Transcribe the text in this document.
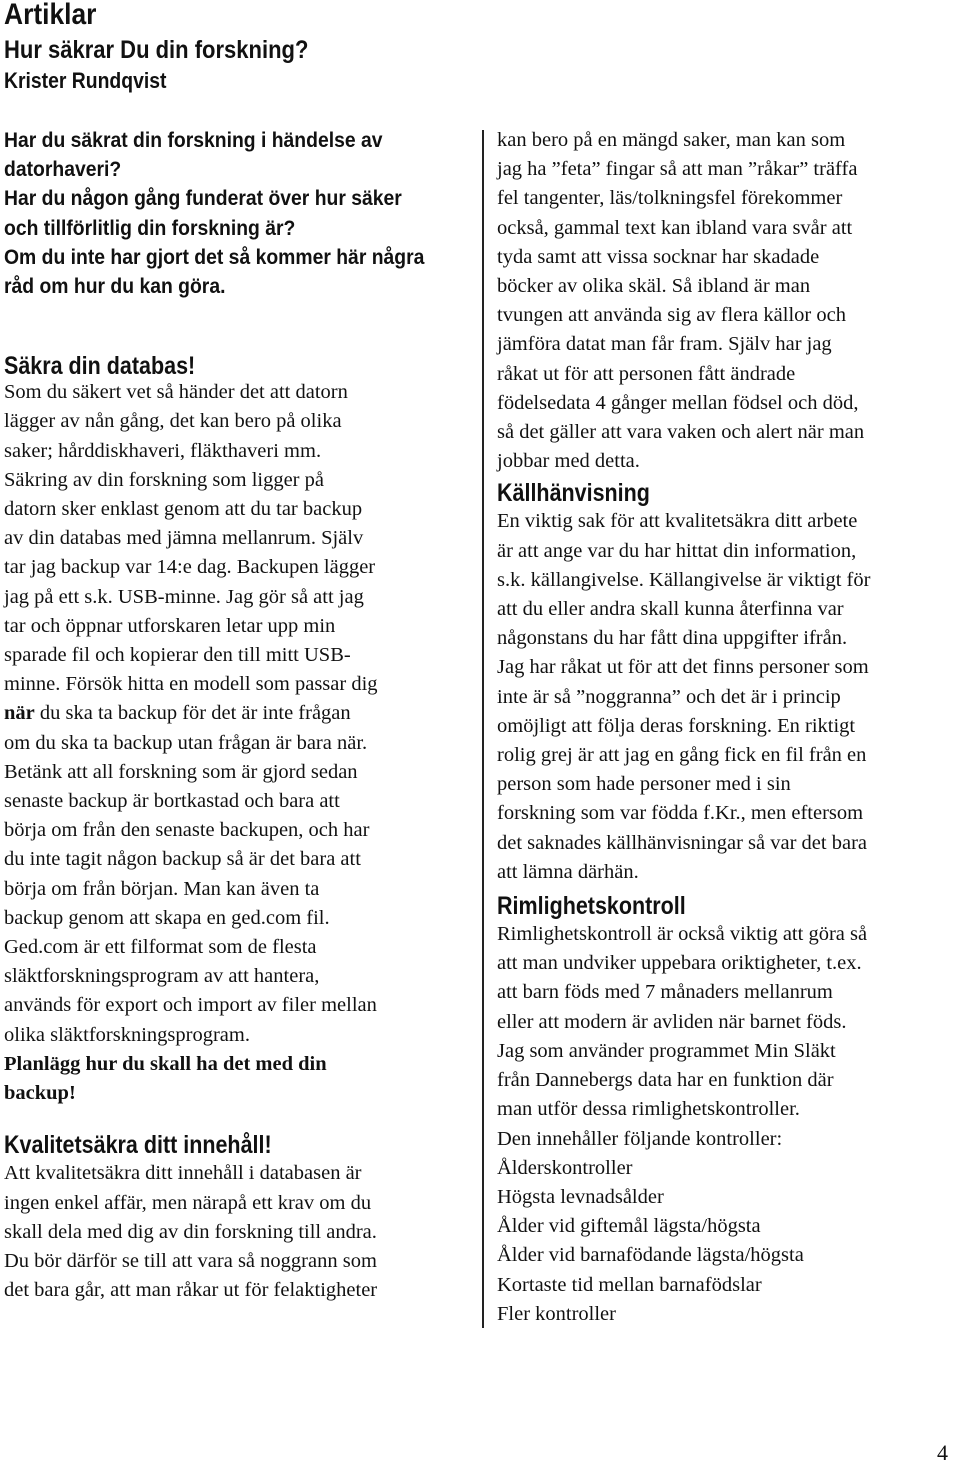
Artiklar
Hur säkrar Du din forskning?
Krister Rundqvist
Har du säkrat din forskning i händelse av
datorhaveri?
Har du någon gång funderat över hur säker
och tillförlitlig din forskning är?
Om du inte har gjort det så kommer här några
råd om hur du kan göra.
Säkra din databas!
Som du säkert vet så händer det att datorn
lägger av nån gång, det kan bero på olika
saker; hårddiskhaveri, fläkthaveri mm.
Säkring av din forskning som ligger på
datorn sker enklast genom att du tar backup
av din databas med jämna mellanrum. Själv
tar jag backup var 14:e dag. Backupen lägger
jag på ett s.k. USB-minne. Jag gör så att jag
tar och öppnar utforskaren letar upp min
sparade fil och kopierar den till mitt USB-
minne. Försök hitta en modell som passar dig
när du ska ta backup för det är inte frågan
om du ska ta backup utan frågan är bara när.
Betänk att all forskning som är gjord sedan
senaste backup är bortkastad och bara att
börja om från den senaste backupen, och har
du inte tagit någon backup så är det bara att
börja om från början. Man kan även ta
backup genom att skapa en ged.com fil.
Ged.com är ett filformat som de flesta
släktforskningsprogram av att hantera,
används för export och import av filer mellan
olika släktforskningsprogram.
Planlägg hur du skall ha det med din
backup!
Kvalitetsäkra ditt innehåll!
Att kvalitetsäkra ditt innehåll i databasen är
ingen enkel affär, men närapå ett krav om du
skall dela med dig av din forskning till andra.
Du bör därför se till att vara så noggrann som
det bara går, att man råkar ut för felaktigheter
kan bero på en mängd saker, man kan som
jag ha ”feta” fingar så att man ”råkar” träffa
fel tangenter, läs/tolkningsfel förekommer
också, gammal text kan ibland vara svår att
tyda samt att vissa socknar har skadade
böcker av olika skäl. Så ibland är man
tvungen att använda sig av flera källor och
jämföra datat man får fram. Själv har jag
råkat ut för att personen fått ändrade
födelsedata 4 gånger mellan födsel och död,
så det gäller att vara vaken och alert när man
jobbar med detta.
Källhänvisning
En viktig sak för att kvalitetsäkra ditt arbete
är att ange var du har hittat din information,
s.k. källangivelse. Källangivelse är viktigt för
att du eller andra skall kunna återfinna var
någonstans du har fått dina uppgifter ifrån.
Jag har råkat ut för att det finns personer som
inte är så ”noggranna” och det är i princip
omöjligt att följa deras forskning. En riktigt
rolig grej är att jag en gång fick en fil från en
person som hade personer med i sin
forskning som var födda f.Kr., men eftersom
det saknades källhänvisningar så var det bara
att lämna därhän.
Rimlighetskontroll
Rimlighetskontroll är också viktig att göra så
att man undviker uppebara oriktigheter, t.ex.
att barn föds med 7 månaders mellanrum
eller att modern är avliden när barnet föds.
Jag som använder programmet Min Släkt
från Dannebergs data har en funktion där
man utför dessa rimlighetskontroller.
Den innehåller följande kontroller:
Ålderskontroller
Högsta levnadsålder
Ålder vid giftemål lägsta/högsta
Ålder vid barnafödande lägsta/högsta
Kortaste tid mellan barnafödslar
Fler kontroller
4
